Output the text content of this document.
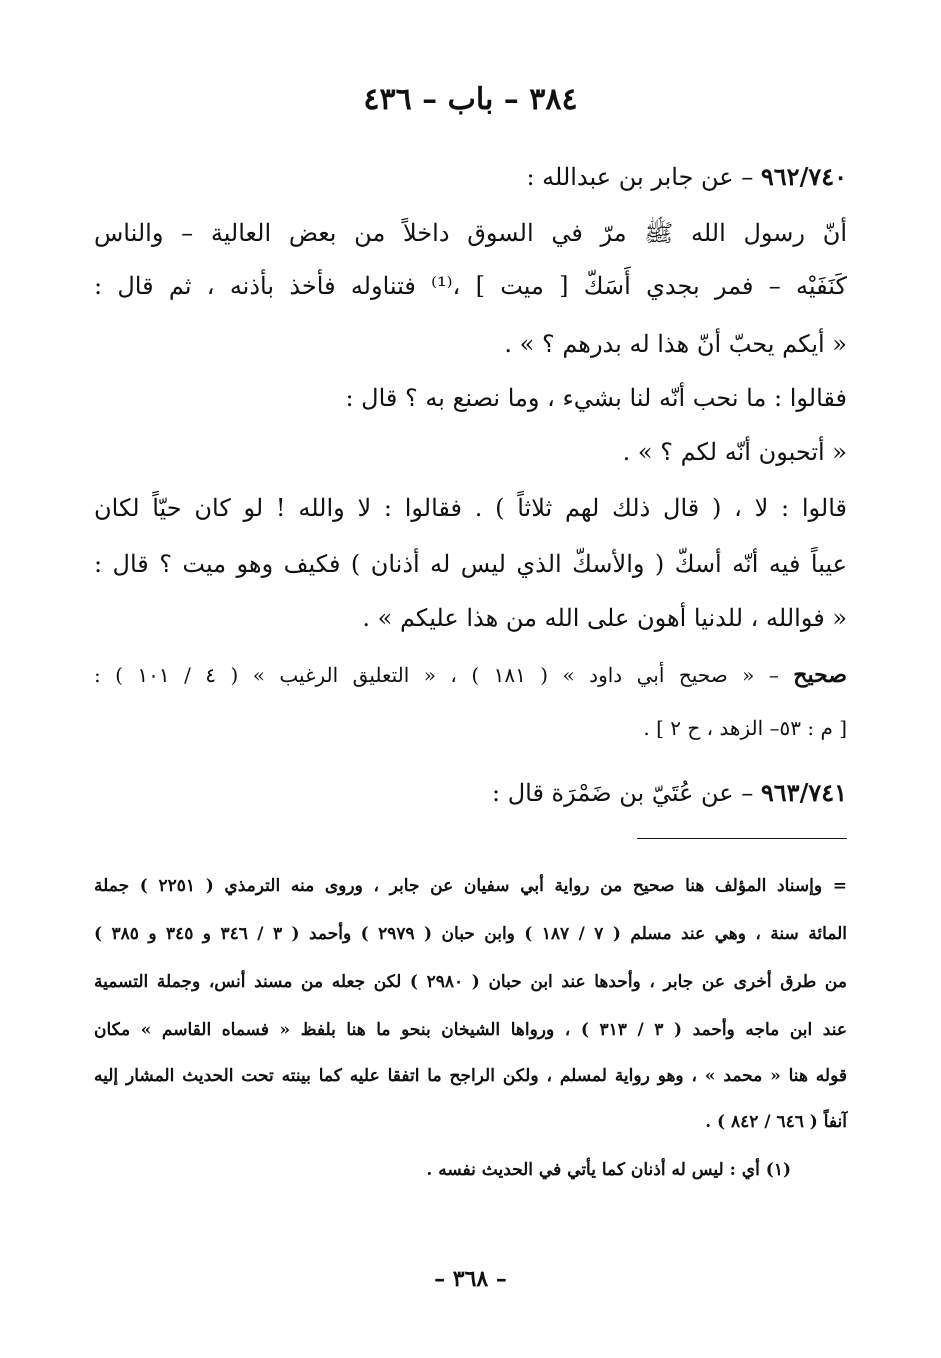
٣٨٤ – باب – ٤٣٦
٩٦٢/٧٤٠ – عن جابر بن عبدالله :
أنّ رسول الله ﷺ مرّ في السوق داخلاً من بعض العالية – والناس
كَنَفَيْه – فمر بجدي أَسَكّ [ ميت ] ،⁽¹⁾ فتناوله فأخذ بأذنه ، ثم قال :
« أيكم يحبّ أنّ هذا له بدرهم ؟ » .
فقالوا : ما نحب أنّه لنا بشيء ، وما نصنع به ؟ قال :
« أتحبون أنّه لكم ؟ » .
قالوا : لا ، ( قال ذلك لهم ثلاثاً ) . فقالوا : لا والله ! لو كان حيّاً لكان
عيباً فيه أنّه أسكّ ( والأسكّ الذي ليس له أذنان ) فكيف وهو ميت ؟ قال :
« فوالله ، للدنيا أهون على الله من هذا عليكم » .
صحيح – « صحيح أبي داود » ( ١٨١ ) ، « التعليق الرغيب » ( ٤ / ١٠١ ) :
[ م : ٥٣– الزهد ، ح ٢ ] .
٩٦٣/٧٤١ – عن عُتَيّ بن ضَمْرَة قال :
= وإسناد المؤلف هنا صحيح من رواية أبي سفيان عن جابر ، وروى منه الترمذي ( ٢٢٥١ ) جملة
المائة سنة ، وهي عند مسلم ( ٧ / ١٨٧ ) وابن حبان ( ٢٩٧٩ ) وأحمد ( ٣ / ٣٤٦ و ٣٤٥ و ٣٨٥ )
من طرق أخرى عن جابر ، وأحدها عند ابن حبان ( ٢٩٨٠ ) لكن جعله من مسند أنس، وجملة التسمية
عند ابن ماجه وأحمد ( ٣ / ٣١٣ ) ، ورواها الشيخان بنحو ما هنا بلفظ « فسماه القاسم » مكان
قوله هنا « محمد » ، وهو رواية لمسلم ، ولكن الراجح ما اتفقا عليه كما بينته تحت الحديث المشار إليه
آنفاً ( ٦٤٦ / ٨٤٢ ) .
(١) أي : ليس له أذنان كما يأتي في الحديث نفسه .
– ٣٦٨ –
